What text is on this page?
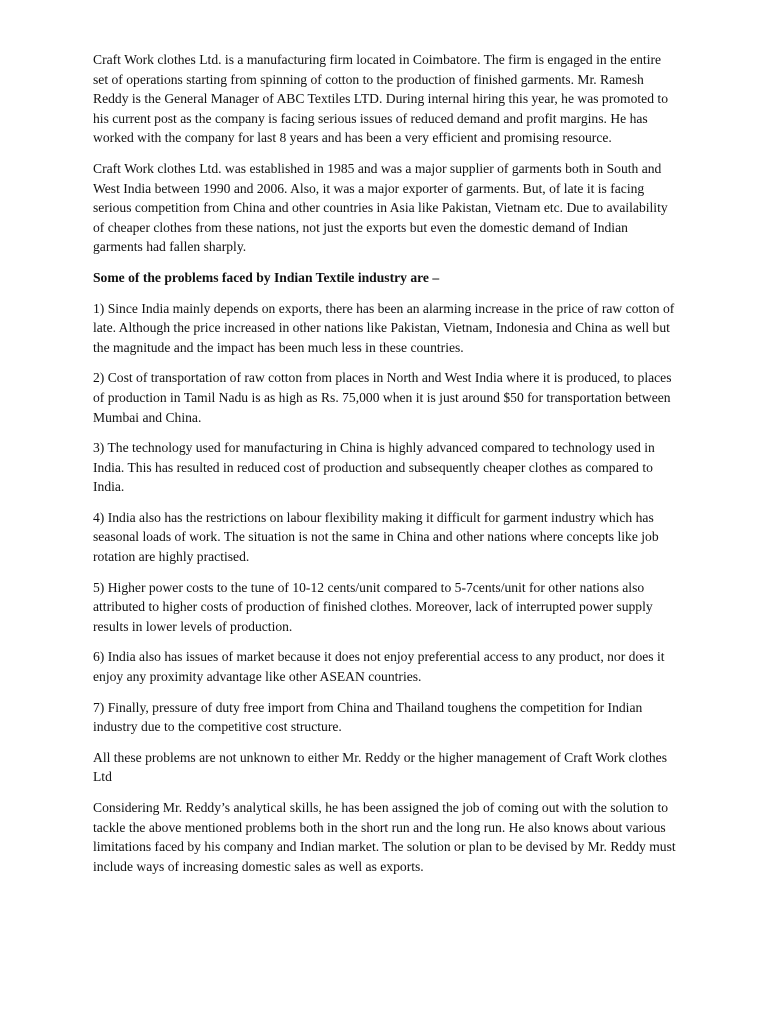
Craft Work clothes Ltd. is a manufacturing firm located in Coimbatore. The firm is engaged in the entire set of operations starting from spinning of cotton to the production of finished garments. Mr. Ramesh Reddy is the General Manager of ABC Textiles LTD. During internal hiring this year, he was promoted to his current post as the company is facing serious issues of reduced demand and profit margins. He has worked with the company for last 8 years and has been a very efficient and promising resource.

Craft Work clothes Ltd. was established in 1985 and was a major supplier of garments both in South and West India between 1990 and 2006. Also, it was a major exporter of garments. But, of late it is facing serious competition from China and other countries in Asia like Pakistan, Vietnam etc. Due to availability of cheaper clothes from these nations, not just the exports but even the domestic demand of Indian garments had fallen sharply.

Some of the problems faced by Indian Textile industry are –

1) Since India mainly depends on exports, there has been an alarming increase in the price of raw cotton of late. Although the price increased in other nations like Pakistan, Vietnam, Indonesia and China as well but the magnitude and the impact has been much less in these countries.

2) Cost of transportation of raw cotton from places in North and West India where it is produced, to places of production in Tamil Nadu is as high as Rs. 75,000 when it is just around $50 for transportation between Mumbai and China.

3) The technology used for manufacturing in China is highly advanced compared to technology used in India. This has resulted in reduced cost of production and subsequently cheaper clothes as compared to India.

4) India also has the restrictions on labour flexibility making it difficult for garment industry which has seasonal loads of work. The situation is not the same in China and other nations where concepts like job rotation are highly practised.

5) Higher power costs to the tune of 10-12 cents/unit compared to 5-7cents/unit for other nations also attributed to higher costs of production of finished clothes. Moreover, lack of interrupted power supply results in lower levels of production.

6) India also has issues of market because it does not enjoy preferential access to any product, nor does it enjoy any proximity advantage like other ASEAN countries.

7) Finally, pressure of duty free import from China and Thailand toughens the competition for Indian industry due to the competitive cost structure.

All these problems are not unknown to either Mr. Reddy or the higher management of Craft Work clothes Ltd

Considering Mr. Reddy’s analytical skills, he has been assigned the job of coming out with the solution to tackle the above mentioned problems both in the short run and the long run. He also knows about various limitations faced by his company and Indian market. The solution or plan to be devised by Mr. Reddy must include ways of increasing domestic sales as well as exports.
